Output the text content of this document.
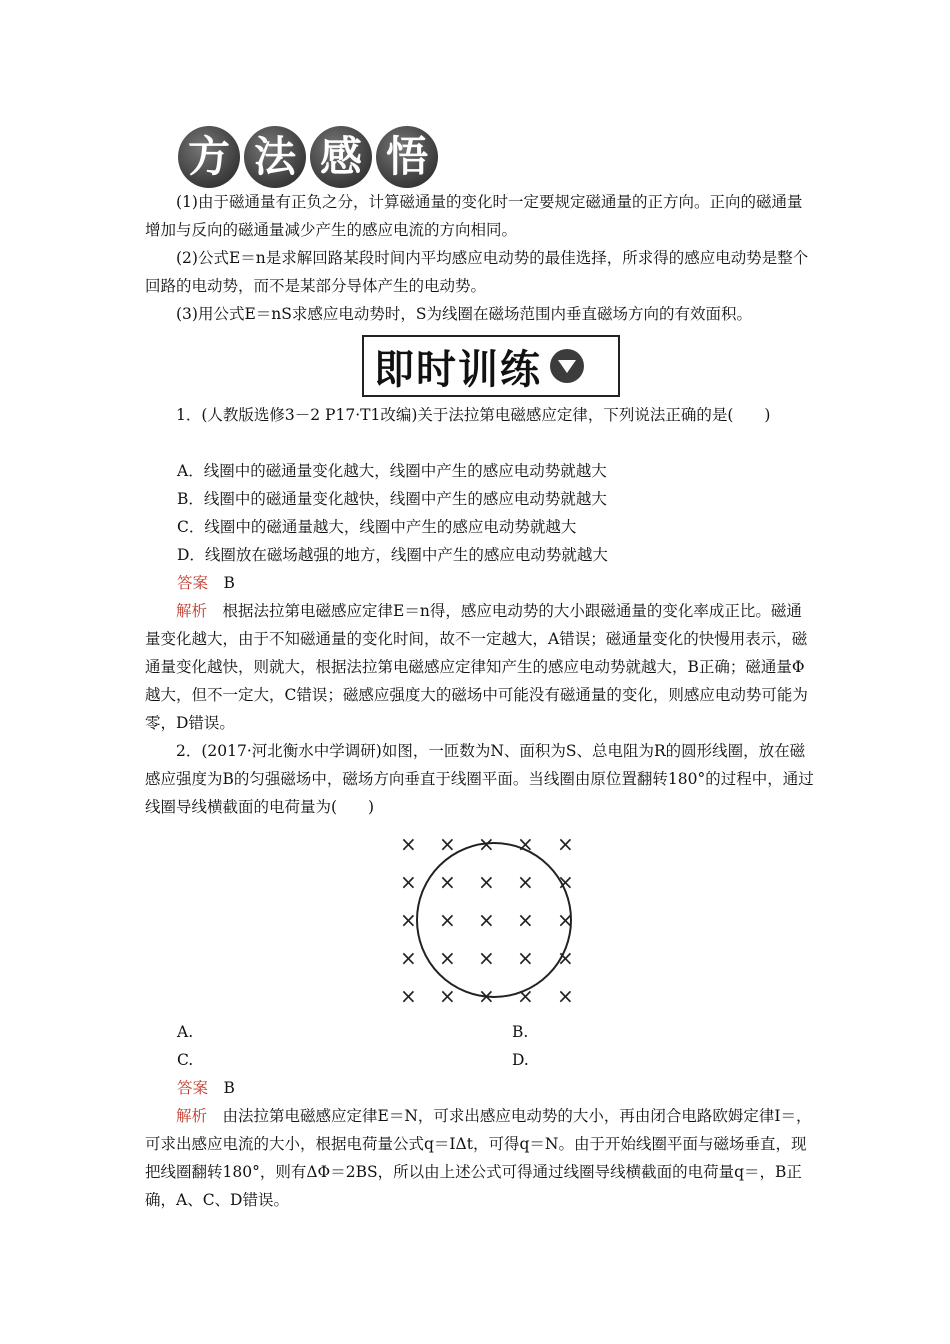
方 法 感 悟
(1)由于磁通量有正负之分，计算磁通量的变化时一定要规定磁通量的正方向。正向的磁通量增加与反向的磁通量减少产生的感应电流的方向相同。
(2)公式E＝n是求解回路某段时间内平均感应电动势的最佳选择，所求得的感应电动势是整个回路的电动势，而不是某部分导体产生的电动势。
(3)用公式E＝nS求感应电动势时，S为线圈在磁场范围内垂直磁场方向的有效面积。
即时训练
1．(人教版选修3－2 P17·T1改编)关于法拉第电磁感应定律，下列说法正确的是(　　)
A．线圈中的磁通量变化越大，线圈中产生的感应电动势就越大
B．线圈中的磁通量变化越快，线圈中产生的感应电动势就越大
C．线圈中的磁通量越大，线圈中产生的感应电动势就越大
D．线圈放在磁场越强的地方，线圈中产生的感应电动势就越大
答案　 B
解析　 根据法拉第电磁感应定律E＝n得，感应电动势的大小跟磁通量的变化率成正比。磁通量变化越大，由于不知磁通量的变化时间，故不一定越大，A错误；磁通量变化的快慢用表示，磁通量变化越快，则就大，根据法拉第电磁感应定律知产生的感应电动势就越大，B正确；磁通量Φ越大，但不一定大，C错误；磁感应强度大的磁场中可能没有磁通量的变化，则感应电动势可能为零，D错误。
2．(2017·河北衡水中学调研)如图，一匝数为N、面积为S、总电阻为R的圆形线圈，放在磁感应强度为B的匀强磁场中，磁场方向垂直于线圈平面。当线圈由原位置翻转180°的过程中，通过线圈导线横截面的电荷量为(　　)
× × × × ×
× × × × ×
× × × × ×
× × × × ×
× × × × ×
A.	B.
C.	D.
答案　 B
解析　 由法拉第电磁感应定律E＝N，可求出感应电动势的大小，再由闭合电路欧姆定律I＝，可求出感应电流的大小，根据电荷量公式q＝IΔt，可得q＝N。由于开始线圈平面与磁场垂直，现把线圈翻转180°，则有ΔΦ＝2BS，所以由上述公式可得通过线圈导线横截面的电荷量q＝，B正确，A、C、D错误。
